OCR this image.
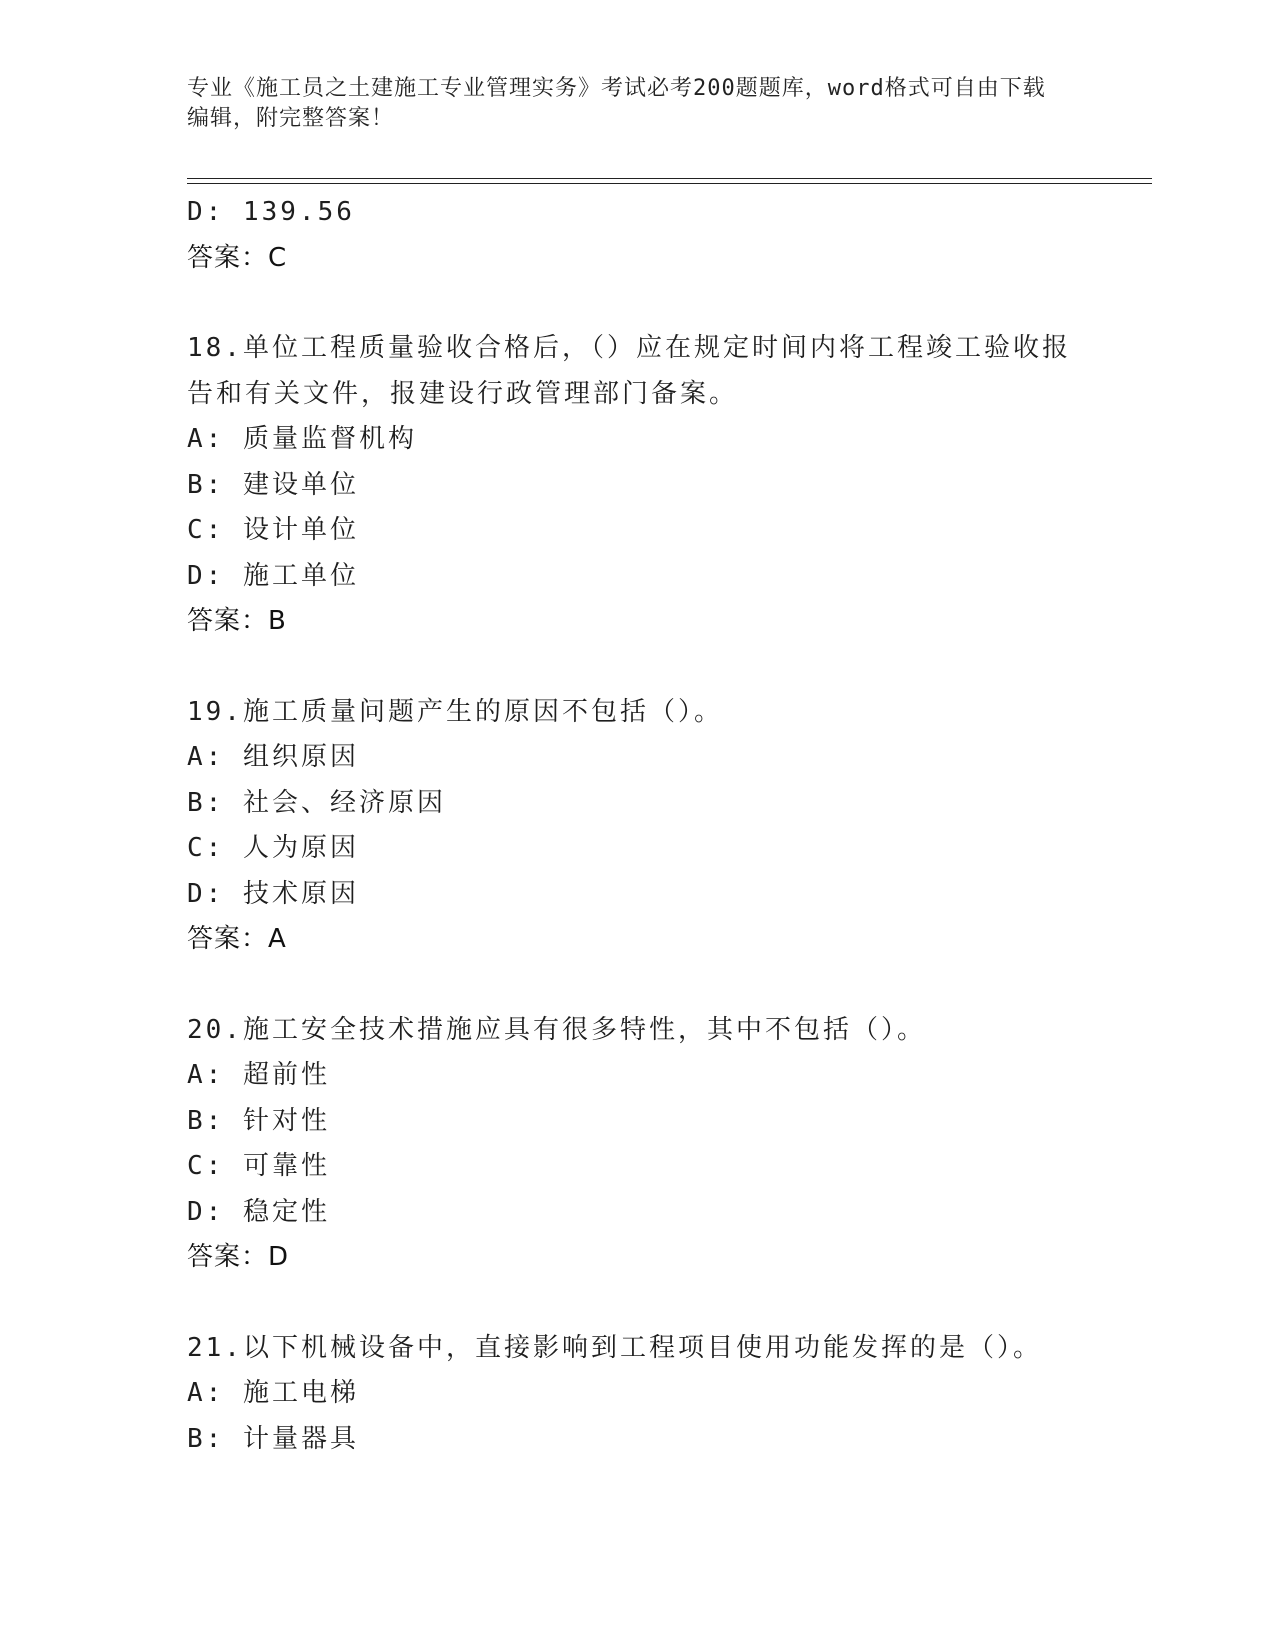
专业《施工员之土建施工专业管理实务》考试必考200题题库，word格式可自由下载编辑，附完整答案！
D: 139.56
答案：C
18.单位工程质量验收合格后，（）应在规定时间内将工程竣工验收报告和有关文件，报建设行政管理部门备案。
A: 质量监督机构
B: 建设单位
C: 设计单位
D: 施工单位
答案：B
19.施工质量问题产生的原因不包括（）。
A: 组织原因
B: 社会、经济原因
C: 人为原因
D: 技术原因
答案：A
20.施工安全技术措施应具有很多特性，其中不包括（）。
A: 超前性
B: 针对性
C: 可靠性
D: 稳定性
答案：D
21.以下机械设备中，直接影响到工程项目使用功能发挥的是（）。
A: 施工电梯
B: 计量器具
